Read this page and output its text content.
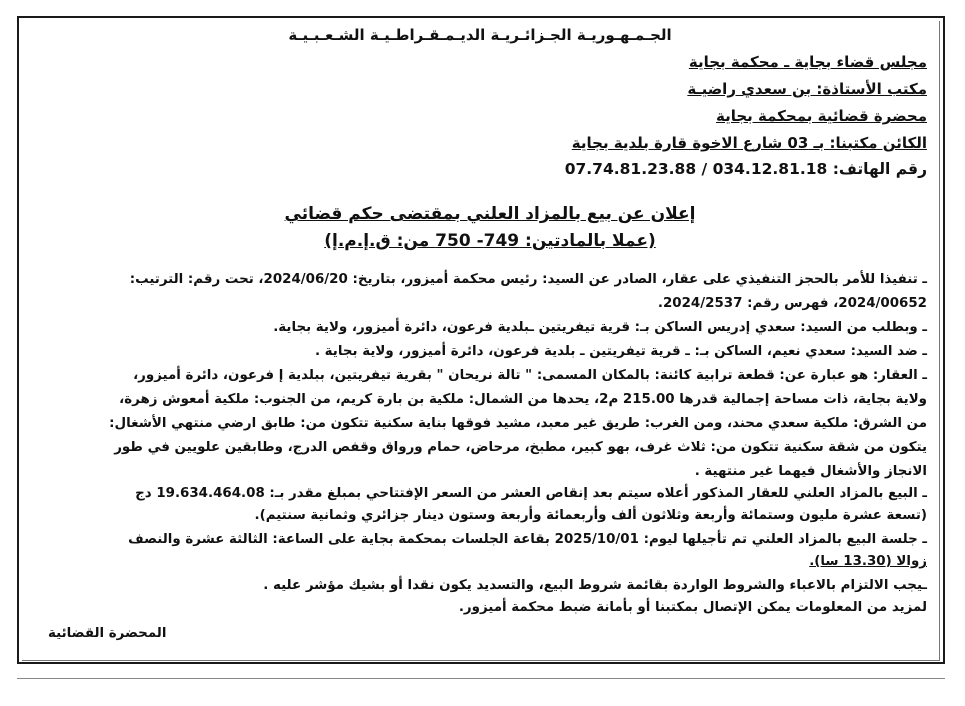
الجـمـهـوريـة الجـزائـريـة الديـمـقـراطـيـة الشـعـبـيـة
مجلس قضاء بجاية ـ محكمة بجاية
مكتب الأستاذة: بن سعدي راضيـة
محضرة قضائية بمحكمة بجاية
الكائن مكتبنا: بـ 03 شارع الاخوة قارة بلدية بجاية
رقم الهاتف: 034.12.81.18 / 07.74.81.23.88
إعلان عن بيع بالمزاد العلني بمقتضى حكم قضائي
(عملا بالمادتين: 749- 750 من: ق.إ.م.إ)
ـ تنفيذا للأمر بالحجز التنفيذي على عقار، الصادر عن السيد: رئيس محكمة أميزور، بتاريخ: 2024/06/20، تحت رقم: الترتيب:
2024/00652، فهرس رقم: 2024/2537.
ـ وبطلب من السيد: سعدي إدريس الساكن بـ: قرية تيفريتين ـبلدية فرعون، دائرة أميزور، ولاية بجاية.
ـ ضد السيد: سعدي نعيم، الساكن بـ: ـ قرية تيفريتين ـ بلدية فرعون، دائرة أميزور، ولاية بجاية .
ـ العقار: هو عبارة عن: قطعة ترابية كائنة: بالمكان المسمى: " تالة نريحان " بقرية تيفريتين، ببلدية إ فرعون، دائرة أميزور،
ولاية بجاية، ذات مساحة إجمالية قدرها 215.00 م2، يحدها من الشمال: ملكية بن بارة كريم، من الجنوب: ملكية أمعوش زهرة،
من الشرق: ملكية سعدي محند، ومن الغرب: طريق غير معبد، مشيد فوقها بناية سكنية تتكون من: طابق ارضي منتهي الأشغال:
يتكون من شقة سكنية تتكون من: ثلاث غرف، بهو كبير، مطبخ، مرحاض، حمام ورواق وقفص الدرج، وطابقين علويين في طور
الانجاز والأشغال فيهما غير منتهية .
ـ البيع بالمزاد العلني للعقار المذكور أعلاه سيتم بعد إنقاص العشر من السعر الإفتتاحي بمبلغ مقدر بـ: 19.634.464.08 دج
(تسعة عشرة مليون وستمائة وأربعة وثلاثون ألف وأربعمائة وأربعة وستون دينار جزائري وثمانية سنتيم).
ـ جلسة البيع بالمزاد العلني تم تأجيلها ليوم: 2025/10/01 بقاعة الجلسات بمحكمة بجاية على الساعة: الثالثة عشرة والنصف
زوالا (13.30 سا).
ـيجب الالتزام بالاعباء والشروط الواردة بقائمة شروط البيع، والتسديد يكون نقدا أو بشيك مؤشر عليه .
لمزيد من المعلومات يمكن الإتصال بمكتبنا أو بأمانة ضبط محكمة أميزور.
المحضرة القضائية
